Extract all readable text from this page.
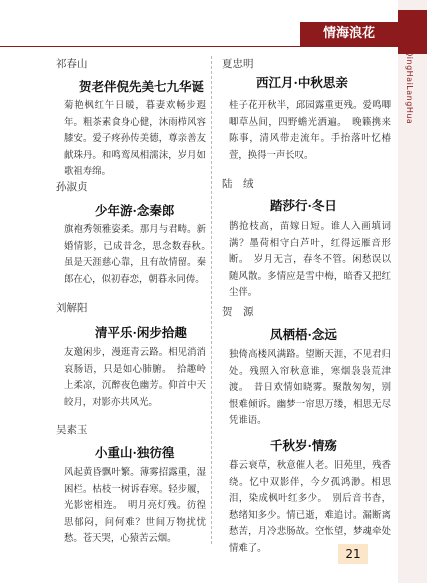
QingHaiLangHua
情海浪花
祁春山
贺老伴倪先美七九华诞
菊艳枫红午日暖，暮妻欢畅步遐年。粗茶素食身心健，沐雨栉风容膝安。爱子疼孙传美德，尊亲善友献珠丹。和鸣鸾凤相濡沫，岁月如歌祖寿绵。
孙淑贞
少年游·念秦郎
旗袍秀领雅姿柔。那月与君畴。新婚情影，已成昔念，思念数春秋。　虽是天涯慈心靠，且有故情留。秦郎在心，似初春恋，朝暮永同俦。
刘解阳
清平乐·闲步拾趣
友邀闲步，漫逛青云路。相见消消哀肠语，只是如心肺腑。　拾趣岭上柔凉，沉醉夜色幽芳。仰首中天皎月，对影亦共风光。
吴素玉
小重山·独彷徨
风起黄昏飘叶繁。薄雾招露重，湿困栏。枯枝一树诉春寒。轻步履，光影密相连。　明月亮灯残。彷徨思郁闷，问何难？世间万物扰忧愁。苍天哭，心猿苦云烟。
夏忠明
西江月·中秋思亲
桂子花开秋半，邱园露重更残。爱鸣唧唧草丛间，四野蟾光洒遍。　晚籁携来陈事，清风带走流年。手抬落叶忆椿萱，换得一声长叹。
陆　绒
踏莎行·冬日
鹊抢枝高，苗嫁日短。谁人入画填词满？墨荷相守白芦叶，红得远雁音形断。　岁月无言，春冬不管。闲愁误以随风散。多情应是雪中梅，暗香又把红尘伴。
贺　源
凤栖梧·念远
独倚高楼风满路。望断天涯，不见君归处。残照入帘秋意谁，寒烟袅袅荒津渡。　昔日欢情如晓雾。聚散匆匆，别恨难倾诉。幽梦一帘思万缕，相思无尽凭谁语。
千秋岁·情殇
暮云衰草，秋意催人老。旧苑里，残香绕。忆中双影伴，今夕孤鸿渺。相思泪，染成枫叶红多少。　别后音书杳，愁绪知多少。情已逝，难追讨。漏断离愁苦，月冷悲肠故。空怅望，梦魂牵处情难了。	21
